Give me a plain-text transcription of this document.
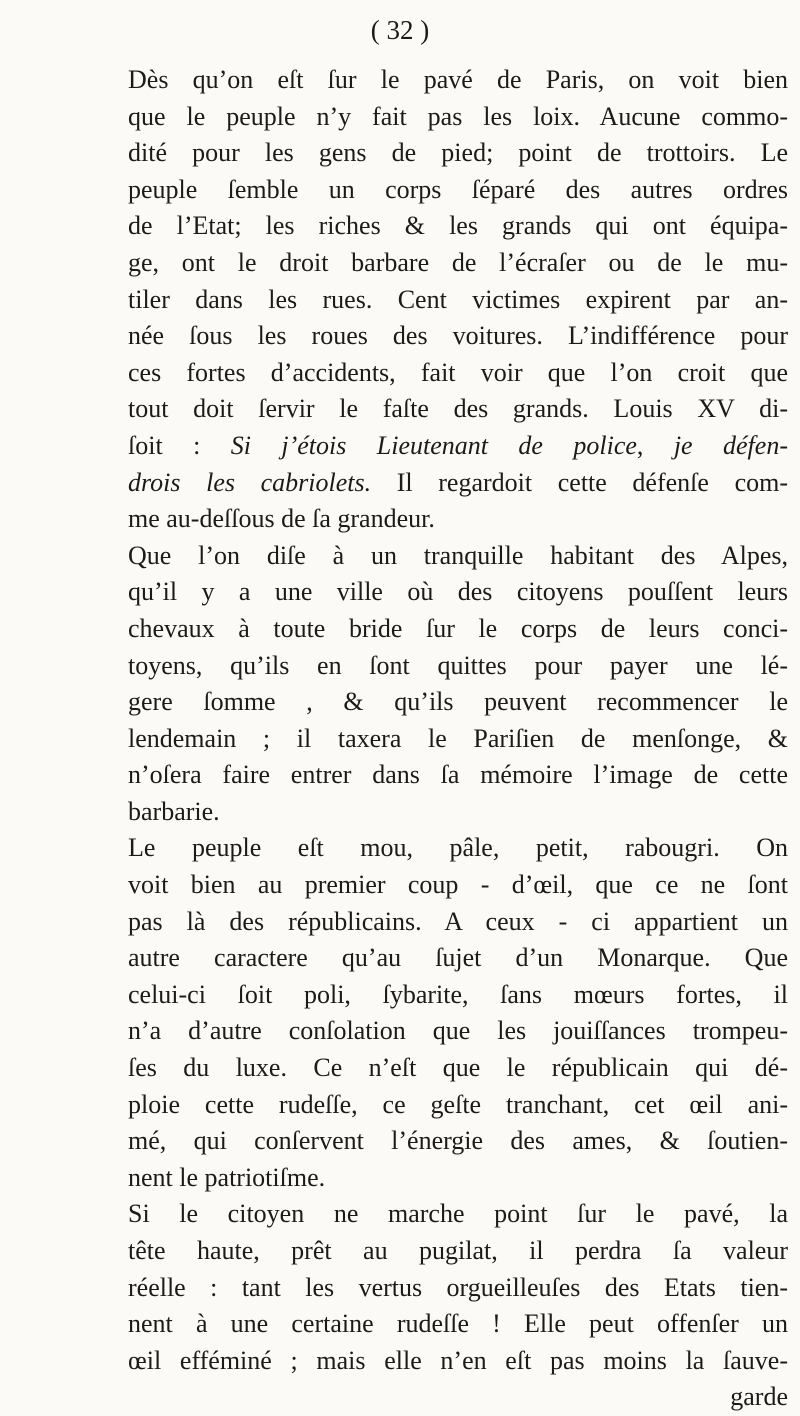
( 32 )
Dès qu’on eſt ſur le pavé de Paris, on voit bien
que le peuple n’y fait pas les loix. Aucune commo-
dité pour les gens de pied; point de trottoirs. Le
peuple ſemble un corps ſéparé des autres ordres
de l’Etat; les riches & les grands qui ont équipa-
ge, ont le droit barbare de l’écraſer ou de le mu-
tiler dans les rues. Cent victimes expirent par an-
née ſous les roues des voitures. L’indifférence pour
ces fortes d’accidents, fait voir que l’on croit que
tout doit ſervir le faſte des grands. Louis XV di-
ſoit : Si j’étois Lieutenant de police, je défen-
drois les cabriolets. Il regardoit cette défenſe com-
me au-deſſous de ſa grandeur.
Que l’on diſe à un tranquille habitant des Alpes,
qu’il y a une ville où des citoyens pouſſent leurs
chevaux à toute bride ſur le corps de leurs conci-
toyens, qu’ils en ſont quittes pour payer une lé-
gere ſomme , & qu’ils peuvent recommencer le
lendemain ; il taxera le Pariſien de menſonge, &
n’oſera faire entrer dans ſa mémoire l’image de cette
barbarie.
Le peuple eſt mou, pâle, petit, rabougri. On
voit bien au premier coup - d’œil, que ce ne ſont
pas là des républicains. A ceux - ci appartient un
autre caractere qu’au ſujet d’un Monarque. Que
celui-ci ſoit poli, ſybarite, ſans mœurs fortes, il
n’a d’autre conſolation que les jouiſſances trompeu-
ſes du luxe. Ce n’eſt que le républicain qui dé-
ploie cette rudeſſe, ce geſte tranchant, cet œil ani-
mé, qui conſervent l’énergie des ames, & ſoutien-
nent le patriotiſme.
Si le citoyen ne marche point ſur le pavé, la
tête haute, prêt au pugilat, il perdra ſa valeur
réelle : tant les vertus orgueilleuſes des Etats tien-
nent à une certaine rudeſſe ! Elle peut offenſer un
œil efféminé ; mais elle n’en eſt pas moins la ſauve-
garde
